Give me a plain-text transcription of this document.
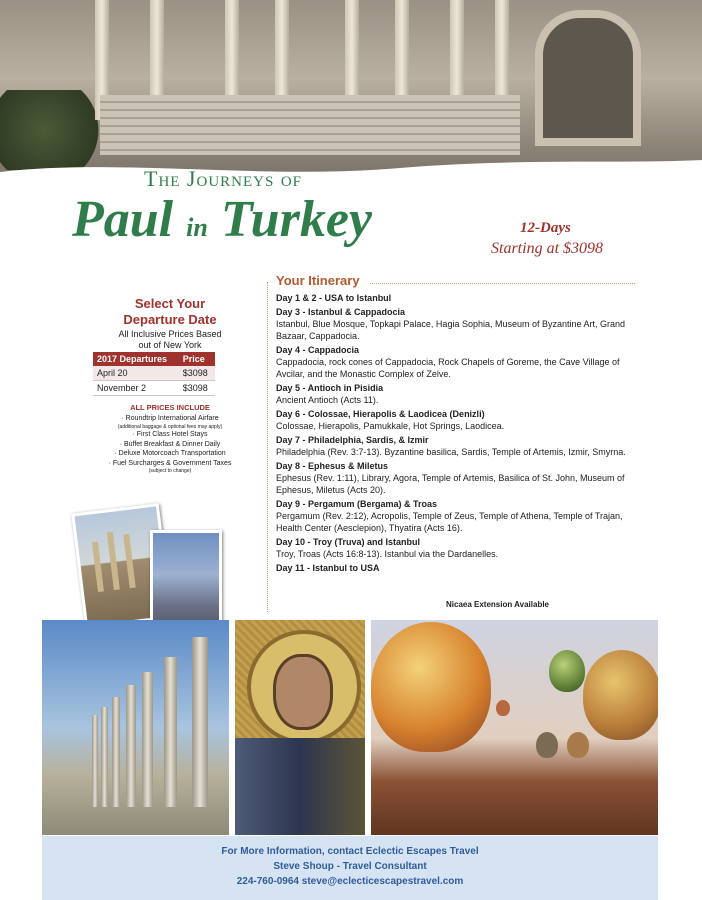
The Journeys of
Paul in Turkey	12-Days
Starting at $3098
Select Your
Departure Date
All Inclusive Prices Based
out of New York
2017 Departures	Price
April 20	$3098
November 2	$3098
ALL PRICES INCLUDE
· Roundtrip International Airfare
(additional baggage & optional fees may apply)
· First Class Hotel Stays
· Buffet Breakfast & Dinner Daily
· Deluxe Motorcoach Transportation
· Fuel Surcharges & Government Taxes
(subject to change)
Your Itinerary
Day 1 & 2 - USA to Istanbul
Day 3 - Istanbul & Cappadocia
Istanbul, Blue Mosque, Topkapi Palace, Hagia Sophia, Museum of Byzantine Art, Grand Bazaar, Cappadocia.
Day 4 - Cappadocia
Cappadocia, rock cones of Cappadocia, Rock Chapels of Goreme, the Cave Village of Avcilar, and the Monastic Complex of Zelve.
Day 5 - Antioch in Pisidia
Ancient Antioch (Acts 11).
Day 6 - Colossae, Hierapolis & Laodicea (Denizli)
Colossae, Hierapolis, Pamukkale, Hot Springs, Laodicea.
Day 7 - Philadelphia, Sardis, & Izmir
Philadelphia (Rev. 3:7-13). Byzantine basilica, Sardis, Temple of Artemis, Izmir, Smyrna.
Day 8 - Ephesus & Miletus
Ephesus (Rev. 1:11), Library, Agora, Temple of Artemis, Basilica of St. John, Museum of Ephesus, Miletus (Acts 20).
Day 9 - Pergamum (Bergama) & Troas
Pergamum (Rev. 2:12), Acropolis, Temple of Zeus, Temple of Athena, Temple of Trajan, Health Center (Aesclepion), Thyatira (Acts 16).
Day 10 - Troy (Truva) and Istanbul
Troy, Troas (Acts 16:8-13). Istanbul via the Dardanelles.
Day 11 - Istanbul to USA
Nicaea Extension Available
For More Information, contact Eclectic Escapes Travel
Steve Shoup - Travel Consultant
224-760-0964 steve@eclecticescapestravel.com
